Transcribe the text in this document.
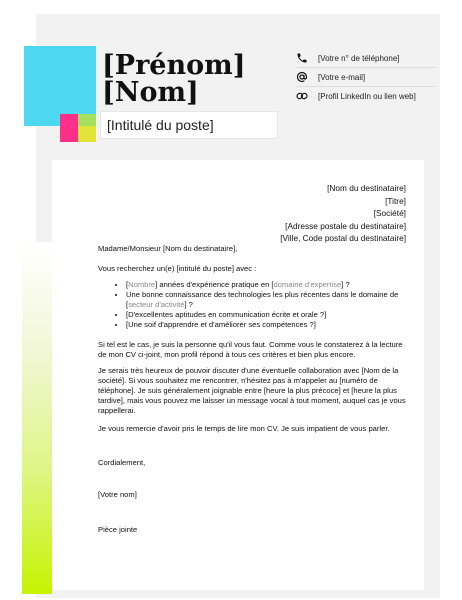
[Prénom]
[Nom]
[Intitulé du poste]
[Votre n° de téléphone]
[Votre e-mail]
[Profil LinkedIn ou lien web]
[Nom du destinataire]
[Titre]
[Société]
[Adresse postale du destinataire]
[Ville, Code postal du destinataire]

Madame/Monsieur [Nom du destinataire],

Vous recherchez un(e) [intitulé du poste] avec :

• [Nombre] années d'expérience pratique en [domaine d'expertise] ?
• Une bonne connaissance des technologies les plus récentes dans le domaine de [secteur d'activité] ?
• [D'excellentes aptitudes en communication écrite et orale ?]
• [Une soif d'apprendre et d'améliorer ses compétences ?]

Si tel est le cas, je suis la personne qu'il vous faut. Comme vous le constaterez à la lecture de mon CV ci-joint, mon profil répond à tous ces critères et bien plus encore.

Je serais très heureux de pouvoir discuter d'une éventuelle collaboration avec [Nom de la société]. Si vous souhaitez me rencontrer, n'hésitez pas à m'appeler au [numéro de téléphone]. Je suis généralement joignable entre [heure la plus précoce] et [heure la plus tardive], mais vous pouvez me laisser un message vocal à tout moment, auquel cas je vous rappellerai.

Je vous remercie d'avoir pris le temps de lire mon CV. Je suis impatient de vous parler.

Cordialement,

[Votre nom]

Pièce jointe
